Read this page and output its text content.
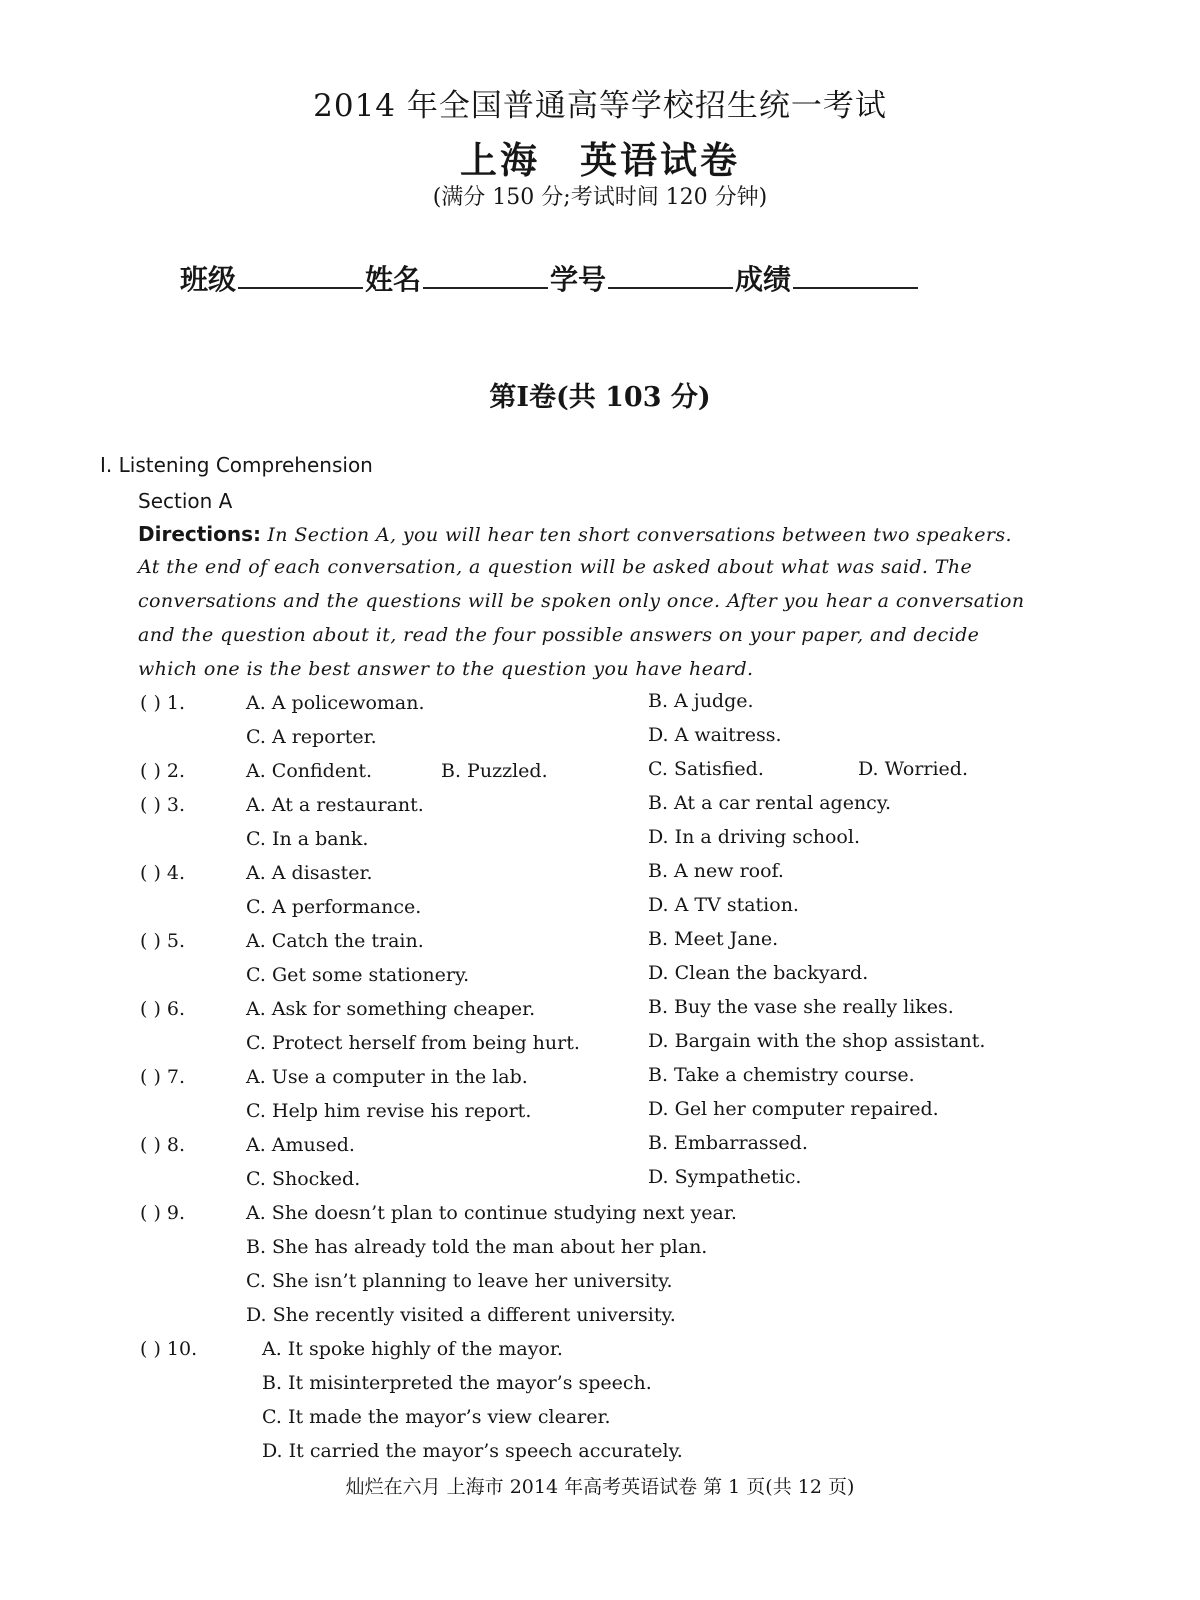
2014 年全国普通高等学校招生统一考试
上海 英语试卷
(满分 150 分;考试时间 120 分钟)
班级	姓名	学号	成绩
第Ⅰ卷(共 103 分)
Ⅰ. Listening Comprehension
Section A
Directions: In Section A, you will hear ten short conversations between two speakers.
At the end of each conversation, a question will be asked about what was said. The
conversations and the questions will be spoken only once. After you hear a conversation
and the question about it, read the four possible answers on your paper, and decide
which one is the best answer to the question you have heard.
( ) 1.	A. A policewoman.	B. A judge.
C. A reporter.	D. A waitress.
( ) 2.	A. Confident.	B. Puzzled.	C. Satisfied.	D. Worried.
( ) 3.	A. At a restaurant.	B. At a car rental agency.
C. In a bank.	D. In a driving school.
( ) 4.	A. A disaster.	B. A new roof.
C. A performance.	D. A TV station.
( ) 5.	A. Catch the train.	B. Meet Jane.
C. Get some stationery.	D. Clean the backyard.
( ) 6.	A. Ask for something cheaper.	B. Buy the vase she really likes.
C. Protect herself from being hurt.	D. Bargain with the shop assistant.
( ) 7.	A. Use a computer in the lab.	B. Take a chemistry course.
C. Help him revise his report.	D. Gel her computer repaired.
( ) 8.	A. Amused.	B. Embarrassed.
C. Shocked.	D. Sympathetic.
( ) 9.	A. She doesn’t plan to continue studying next year.
B. She has already told the man about her plan.
C. She isn’t planning to leave her university.
D. She recently visited a different university.
( ) 10.	A. It spoke highly of the mayor.
B. It misinterpreted the mayor’s speech.
C. It made the mayor’s view clearer.
D. It carried the mayor’s speech accurately.
灿烂在六月 上海市 2014 年高考英语试卷 第 1 页(共 12 页)
